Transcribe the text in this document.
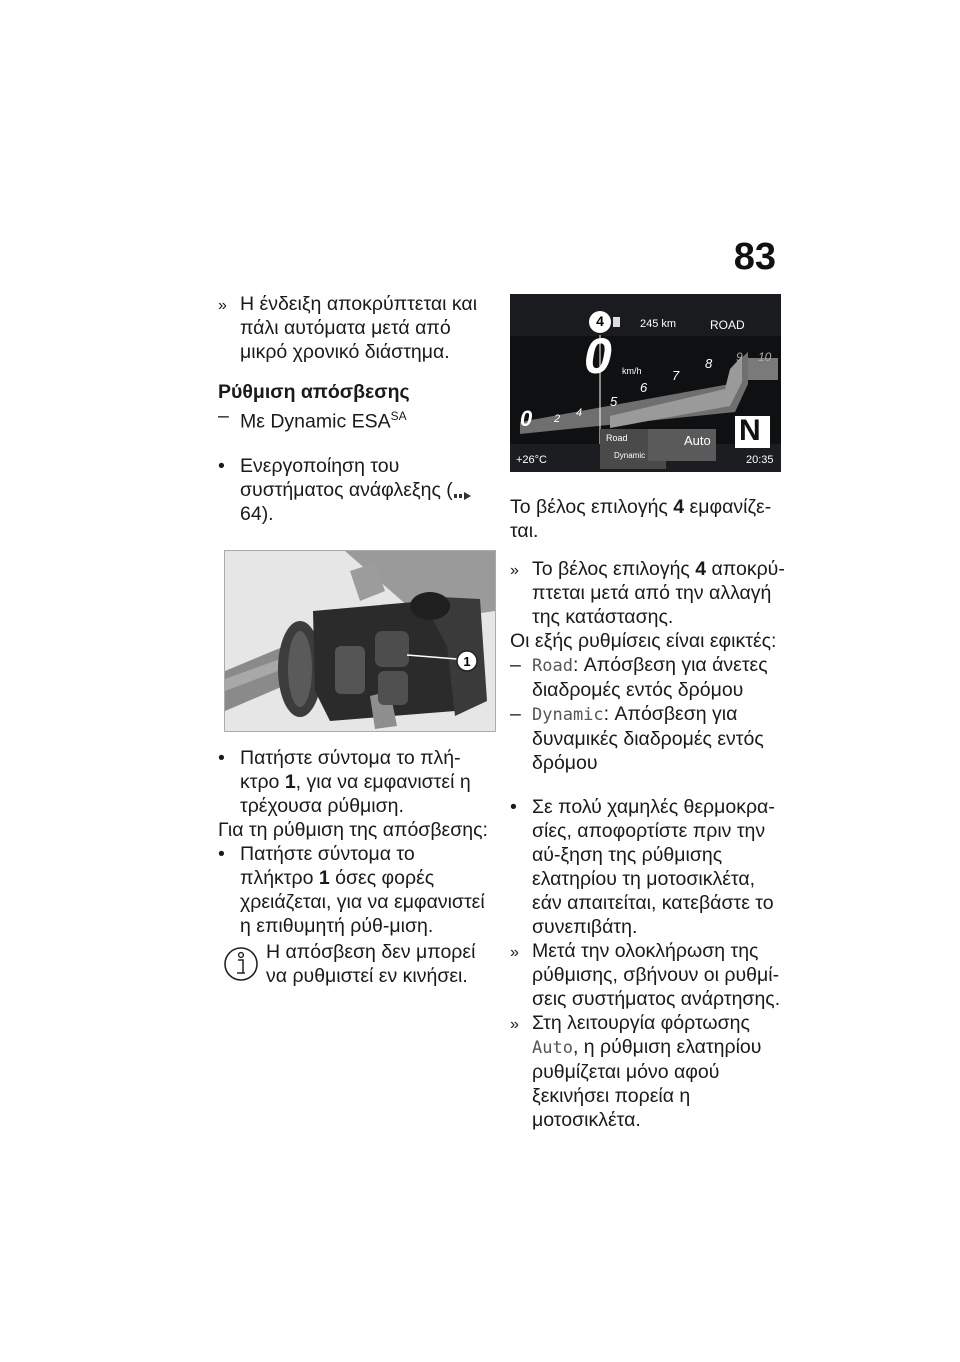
83
»
Η ένδειξη αποκρύπτεται και πάλι αυτόματα μετά από μικρό χρονικό διάστημα.
Ρύθμιση απόσβεσης
–
Με Dynamic $ESA^{SA}$
•
Ενεργοποίηση του συστήματος ανάφλεξης (64).
1
•
Πατήστε σύντομα το πλή-κτρο 1, για να εμφανιστεί η τρέχουσα ρύθμιση.

Για τη ρύθμιση της απόσβεσης:

•
Πατήστε σύντομα το πλήκτρο 1 όσες φορές χρειάζεται, για να εμφανιστεί η επιθυμητή ρύθ-μιση.
Η απόσβεση δεν μπορεί να ρυθμιστεί εν κινήσει.
4	245 km	ROAD
0 km/h
0 2 4
5
6
7
8 9 10
Road
Dynamic
Auto N
+26°C	20:35

Το βέλος επιλογής 4 εμφανίζε-ται.

»
Το βέλος επιλογής 4 αποκρύ-πτεται μετά από την αλλαγή της κατάστασης.

Οι εξής ρυθμίσεις είναι εφικτές:

–
Road: Απόσβεση για άνετες διαδρομές εντός δρόμου
–
Dynamic: Απόσβεση για δυναμικές διαδρομές εντός δρόμου
•
Σε πολύ χαμηλές θερμοκρα-σίες, αποφορτίστε πριν την αύ-ξηση της ρύθμισης ελατηρίου τη μοτοσικλέτα, εάν απαιτείται, κατεβάστε το συνεπιβάτη.
»
Μετά την ολοκλήρωση της ρύθμισης, σβήνουν οι ρυθμί-σεις συστήματος ανάρτησης.
»
Στη λειτουργία φόρτωσης Auto, η ρύθμιση ελατηρίου ρυθμίζεται μόνο αφού ξεκινήσει πορεία η μοτοσικλέτα.
